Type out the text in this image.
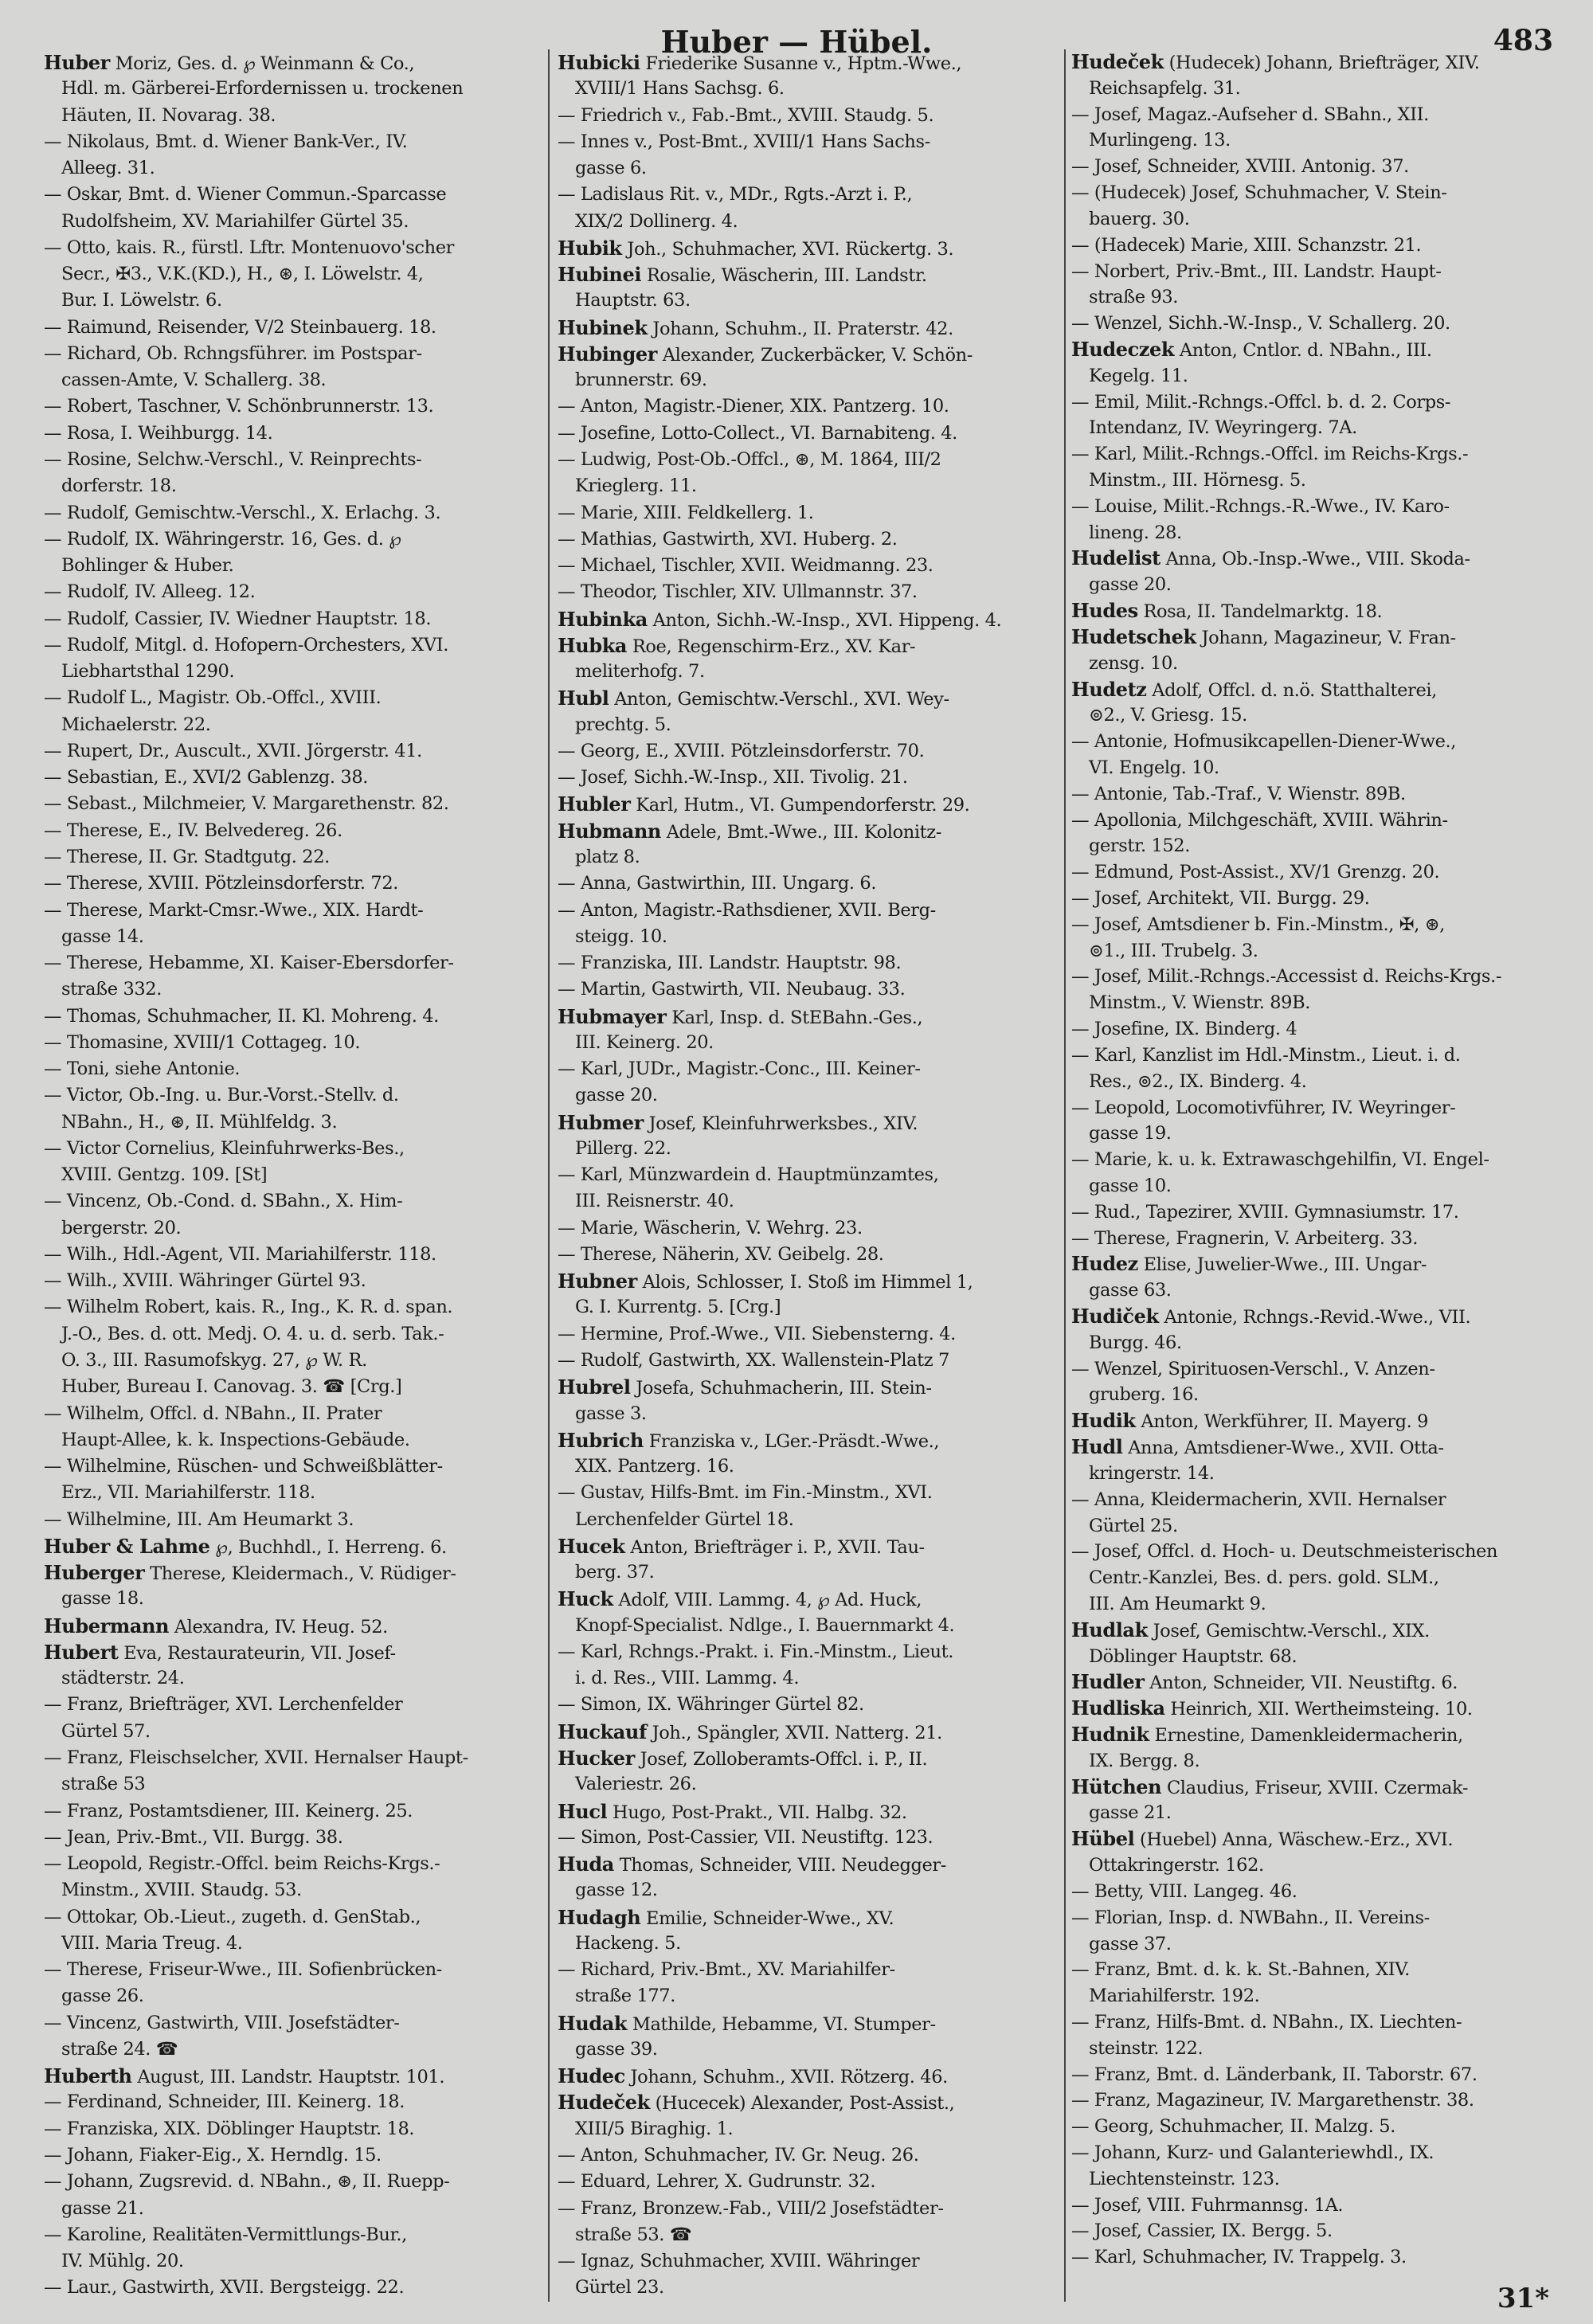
Huber — Hübel.	483
Huber Moriz, Ges. d. ℘ Weinmann & Co.,
Hdl. m. Gärberei-Erfordernissen u. trockenen
Häuten, II. Novarag. 38.
— Nikolaus, Bmt. d. Wiener Bank-Ver., IV.
Alleeg. 31.
— Oskar, Bmt. d. Wiener Commun.-Sparcasse
Rudolfsheim, XV. Mariahilfer Gürtel 35.
— Otto, kais. R., fürstl. Lftr. Montenuovo'scher
Secr., ✠3., V.K.(KD.), H., ⊛, I. Löwelstr. 4,
Bur. I. Löwelstr. 6.
— Raimund, Reisender, V/2 Steinbauerg. 18.
— Richard, Ob. Rchngsführer. im Postspar-
cassen-Amte, V. Schallerg. 38.
— Robert, Taschner, V. Schönbrunnerstr. 13.
— Rosa, I. Weihburgg. 14.
— Rosine, Selchw.-Verschl., V. Reinprechts-
dorferstr. 18.
— Rudolf, Gemischtw.-Verschl., X. Erlachg. 3.
— Rudolf, IX. Währingerstr. 16, Ges. d. ℘
Bohlinger & Huber.
— Rudolf, IV. Alleeg. 12.
— Rudolf, Cassier, IV. Wiedner Hauptstr. 18.
— Rudolf, Mitgl. d. Hofopern-Orchesters, XVI.
Liebhartsthal 1290.
— Rudolf L., Magistr. Ob.-Offcl., XVIII.
Michaelerstr. 22.
— Rupert, Dr., Auscult., XVII. Jörgerstr. 41.
— Sebastian, E., XVI/2 Gablenzg. 38.
— Sebast., Milchmeier, V. Margarethenstr. 82.
— Therese, E., IV. Belvedereg. 26.
— Therese, II. Gr. Stadtgutg. 22.
— Therese, XVIII. Pötzleinsdorferstr. 72.
— Therese, Markt-Cmsr.-Wwe., XIX. Hardt-
gasse 14.
— Therese, Hebamme, XI. Kaiser-Ebersdorfer-
straße 332.
— Thomas, Schuhmacher, II. Kl. Mohreng. 4.
— Thomasine, XVIII/1 Cottageg. 10.
— Toni, siehe Antonie.
— Victor, Ob.-Ing. u. Bur.-Vorst.-Stellv. d.
NBahn., H., ⊛, II. Mühlfeldg. 3.
— Victor Cornelius, Kleinfuhrwerks-Bes.,
XVIII. Gentzg. 109. [St]
— Vincenz, Ob.-Cond. d. SBahn., X. Him-
bergerstr. 20.
— Wilh., Hdl.-Agent, VII. Mariahilferstr. 118.
— Wilh., XVIII. Währinger Gürtel 93.
— Wilhelm Robert, kais. R., Ing., K. R. d. span.
J.-O., Bes. d. ott. Medj. O. 4. u. d. serb. Tak.-
O. 3., III. Rasumofskyg. 27, ℘ W. R.
Huber, Bureau I. Canovag. 3. ☎ [Crg.]
— Wilhelm, Offcl. d. NBahn., II. Prater
Haupt-Allee, k. k. Inspections-Gebäude.
— Wilhelmine, Rüschen- und Schweißblätter-
Erz., VII. Mariahilferstr. 118.
— Wilhelmine, III. Am Heumarkt 3.
Huber & Lahme ℘, Buchhdl., I. Herreng. 6.
Huberger Therese, Kleidermach., V. Rüdiger-
gasse 18.
Hubermann Alexandra, IV. Heug. 52.
Hubert Eva, Restaurateurin, VII. Josef-
städterstr. 24.
— Franz, Briefträger, XVI. Lerchenfelder
Gürtel 57.
— Franz, Fleischselcher, XVII. Hernalser Haupt-
straße 53
— Franz, Postamtsdiener, III. Keinerg. 25.
— Jean, Priv.-Bmt., VII. Burgg. 38.
— Leopold, Registr.-Offcl. beim Reichs-Krgs.-
Minstm., XVIII. Staudg. 53.
— Ottokar, Ob.-Lieut., zugeth. d. GenStab.,
VIII. Maria Treug. 4.
— Therese, Friseur-Wwe., III. Sofienbrücken-
gasse 26.
— Vincenz, Gastwirth, VIII. Josefstädter-
straße 24. ☎
Huberth August, III. Landstr. Hauptstr. 101.
— Ferdinand, Schneider, III. Keinerg. 18.
— Franziska, XIX. Döblinger Hauptstr. 18.
— Johann, Fiaker-Eig., X. Herndlg. 15.
— Johann, Zugsrevid. d. NBahn., ⊛, II. Ruepp-
gasse 21.
— Karoline, Realitäten-Vermittlungs-Bur.,
IV. Mühlg. 20.
— Laur., Gastwirth, XVII. Bergsteigg. 22.
Hubicki Friederike Susanne v., Hptm.-Wwe.,
XVIII/1 Hans Sachsg. 6.
— Friedrich v., Fab.-Bmt., XVIII. Staudg. 5.
— Innes v., Post-Bmt., XVIII/1 Hans Sachs-
gasse 6.
— Ladislaus Rit. v., MDr., Rgts.-Arzt i. P.,
XIX/2 Dollinerg. 4.
Hubik Joh., Schuhmacher, XVI. Rückertg. 3.
Hubinei Rosalie, Wäscherin, III. Landstr.
Hauptstr. 63.
Hubinek Johann, Schuhm., II. Praterstr. 42.
Hubinger Alexander, Zuckerbäcker, V. Schön-
brunnerstr. 69.
— Anton, Magistr.-Diener, XIX. Pantzerg. 10.
— Josefine, Lotto-Collect., VI. Barnabiteng. 4.
— Ludwig, Post-Ob.-Offcl., ⊛, M. 1864, III/2
Krieglerg. 11.
— Marie, XIII. Feldkellerg. 1.
— Mathias, Gastwirth, XVI. Huberg. 2.
— Michael, Tischler, XVII. Weidmanng. 23.
— Theodor, Tischler, XIV. Ullmannstr. 37.
Hubinka Anton, Sichh.-W.-Insp., XVI. Hippeng. 4.
Hubka Roe, Regenschirm-Erz., XV. Kar-
meliterhofg. 7.
Hubl Anton, Gemischtw.-Verschl., XVI. Wey-
prechtg. 5.
— Georg, E., XVIII. Pötzleinsdorferstr. 70.
— Josef, Sichh.-W.-Insp., XII. Tivolig. 21.
Hubler Karl, Hutm., VI. Gumpendorferstr. 29.
Hubmann Adele, Bmt.-Wwe., III. Kolonitz-
platz 8.
— Anna, Gastwirthin, III. Ungarg. 6.
— Anton, Magistr.-Rathsdiener, XVII. Berg-
steigg. 10.
— Franziska, III. Landstr. Hauptstr. 98.
— Martin, Gastwirth, VII. Neubaug. 33.
Hubmayer Karl, Insp. d. StEBahn.-Ges.,
III. Keinerg. 20.
— Karl, JUDr., Magistr.-Conc., III. Keiner-
gasse 20.
Hubmer Josef, Kleinfuhrwerksbes., XIV.
Pillerg. 22.
— Karl, Münzwardein d. Hauptmünzamtes,
III. Reisnerstr. 40.
— Marie, Wäscherin, V. Wehrg. 23.
— Therese, Näherin, XV. Geibelg. 28.
Hubner Alois, Schlosser, I. Stoß im Himmel 1,
G. I. Kurrentg. 5. [Crg.]
— Hermine, Prof.-Wwe., VII. Siebensterng. 4.
— Rudolf, Gastwirth, XX. Wallenstein-Platz 7
Hubrel Josefa, Schuhmacherin, III. Stein-
gasse 3.
Hubrich Franziska v., LGer.-Präsdt.-Wwe.,
XIX. Pantzerg. 16.
— Gustav, Hilfs-Bmt. im Fin.-Minstm., XVI.
Lerchenfelder Gürtel 18.
Hucek Anton, Briefträger i. P., XVII. Tau-
berg. 37.
Huck Adolf, VIII. Lammg. 4, ℘ Ad. Huck,
Knopf-Specialist. Ndlge., I. Bauernmarkt 4.
— Karl, Rchngs.-Prakt. i. Fin.-Minstm., Lieut.
i. d. Res., VIII. Lammg. 4.
— Simon, IX. Währinger Gürtel 82.
Huckauf Joh., Spängler, XVII. Natterg. 21.
Hucker Josef, Zolloberamts-Offcl. i. P., II.
Valeriestr. 26.
Hucl Hugo, Post-Prakt., VII. Halbg. 32.
— Simon, Post-Cassier, VII. Neustiftg. 123.
Huda Thomas, Schneider, VIII. Neudegger-
gasse 12.
Hudagh Emilie, Schneider-Wwe., XV.
Hackeng. 5.
— Richard, Priv.-Bmt., XV. Mariahilfer-
straße 177.
Hudak Mathilde, Hebamme, VI. Stumper-
gasse 39.
Hudec Johann, Schuhm., XVII. Rötzerg. 46.
Hudeček (Hucecek) Alexander, Post-Assist.,
XIII/5 Biraghig. 1.
— Anton, Schuhmacher, IV. Gr. Neug. 26.
— Eduard, Lehrer, X. Gudrunstr. 32.
— Franz, Bronzew.-Fab., VIII/2 Josefstädter-
straße 53. ☎
— Ignaz, Schuhmacher, XVIII. Währinger
Gürtel 23.
Hudeček (Hudecek) Johann, Briefträger, XIV.
Reichsapfelg. 31.
— Josef, Magaz.-Aufseher d. SBahn., XII.
Murlingeng. 13.
— Josef, Schneider, XVIII. Antonig. 37.
— (Hudecek) Josef, Schuhmacher, V. Stein-
bauerg. 30.
— (Hadecek) Marie, XIII. Schanzstr. 21.
— Norbert, Priv.-Bmt., III. Landstr. Haupt-
straße 93.
— Wenzel, Sichh.-W.-Insp., V. Schallerg. 20.
Hudeczek Anton, Cntlor. d. NBahn., III.
Kegelg. 11.
— Emil, Milit.-Rchngs.-Offcl. b. d. 2. Corps-
Intendanz, IV. Weyringerg. 7A.
— Karl, Milit.-Rchngs.-Offcl. im Reichs-Krgs.-
Minstm., III. Hörnesg. 5.
— Louise, Milit.-Rchngs.-R.-Wwe., IV. Karo-
lineng. 28.
Hudelist Anna, Ob.-Insp.-Wwe., VIII. Skoda-
gasse 20.
Hudes Rosa, II. Tandelmarktg. 18.
Hudetschek Johann, Magazineur, V. Fran-
zensg. 10.
Hudetz Adolf, Offcl. d. n.ö. Statthalterei,
⊚2., V. Griesg. 15.
— Antonie, Hofmusikcapellen-Diener-Wwe.,
VI. Engelg. 10.
— Antonie, Tab.-Traf., V. Wienstr. 89B.
— Apollonia, Milchgeschäft, XVIII. Währin-
gerstr. 152.
— Edmund, Post-Assist., XV/1 Grenzg. 20.
— Josef, Architekt, VII. Burgg. 29.
— Josef, Amtsdiener b. Fin.-Minstm., ✠, ⊛,
⊚1., III. Trubelg. 3.
— Josef, Milit.-Rchngs.-Accessist d. Reichs-Krgs.-
Minstm., V. Wienstr. 89B.
— Josefine, IX. Binderg. 4
— Karl, Kanzlist im Hdl.-Minstm., Lieut. i. d.
Res., ⊚2., IX. Binderg. 4.
— Leopold, Locomotivführer, IV. Weyringer-
gasse 19.
— Marie, k. u. k. Extrawaschgehilfin, VI. Engel-
gasse 10.
— Rud., Tapezirer, XVIII. Gymnasiumstr. 17.
— Therese, Fragnerin, V. Arbeiterg. 33.
Hudez Elise, Juwelier-Wwe., III. Ungar-
gasse 63.
Hudiček Antonie, Rchngs.-Revid.-Wwe., VII.
Burgg. 46.
— Wenzel, Spirituosen-Verschl., V. Anzen-
gruberg. 16.
Hudik Anton, Werkführer, II. Mayerg. 9
Hudl Anna, Amtsdiener-Wwe., XVII. Otta-
kringerstr. 14.
— Anna, Kleidermacherin, XVII. Hernalser
Gürtel 25.
— Josef, Offcl. d. Hoch- u. Deutschmeisterischen
Centr.-Kanzlei, Bes. d. pers. gold. SLM.,
III. Am Heumarkt 9.
Hudlak Josef, Gemischtw.-Verschl., XIX.
Döblinger Hauptstr. 68.
Hudler Anton, Schneider, VII. Neustiftg. 6.
Hudliska Heinrich, XII. Wertheimsteing. 10.
Hudnik Ernestine, Damenkleidermacherin,
IX. Bergg. 8.
Hütchen Claudius, Friseur, XVIII. Czermak-
gasse 21.
Hübel (Huebel) Anna, Wäschew.-Erz., XVI.
Ottakringerstr. 162.
— Betty, VIII. Langeg. 46.
— Florian, Insp. d. NWBahn., II. Vereins-
gasse 37.
— Franz, Bmt. d. k. k. St.-Bahnen, XIV.
Mariahilferstr. 192.
— Franz, Hilfs-Bmt. d. NBahn., IX. Liechten-
steinstr. 122.
— Franz, Bmt. d. Länderbank, II. Taborstr. 67.
— Franz, Magazineur, IV. Margarethenstr. 38.
— Georg, Schuhmacher, II. Malzg. 5.
— Johann, Kurz- und Galanteriewhdl., IX.
Liechtensteinstr. 123.
— Josef, VIII. Fuhrmannsg. 1A.
— Josef, Cassier, IX. Bergg. 5.
— Karl, Schuhmacher, IV. Trappelg. 3.
31*
